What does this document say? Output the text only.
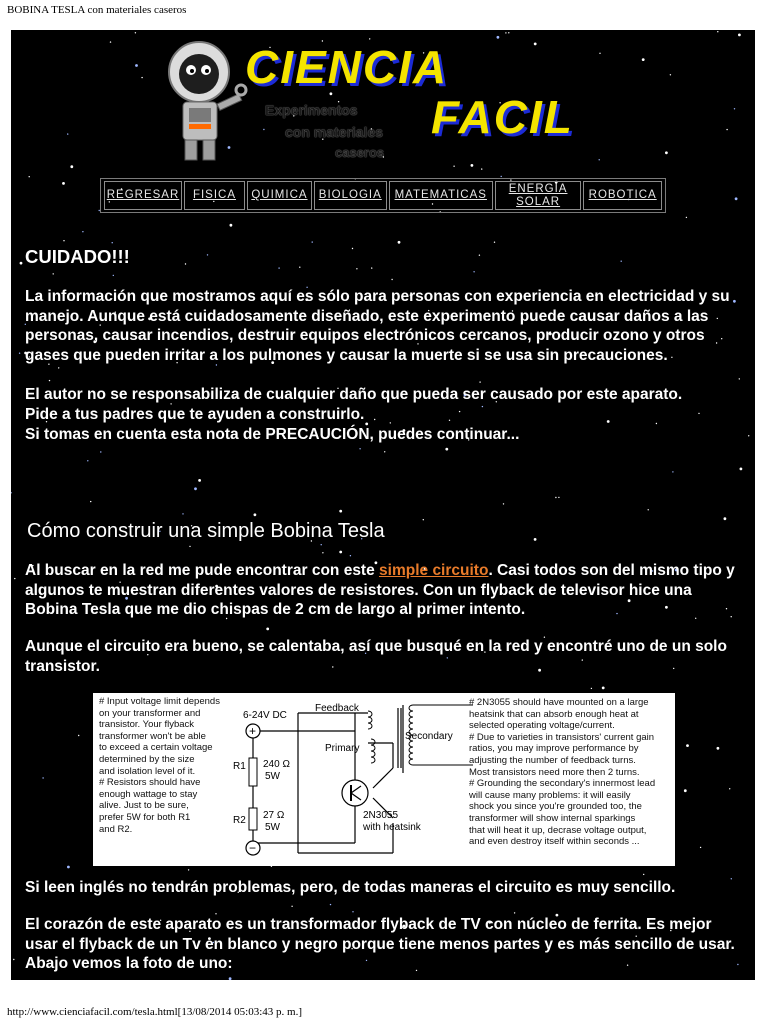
BOBINA TESLA con materiales caseros
CIENCIA
FACIL
Experimentos
con materiales
caseros
REGRESAR	FISICA	QUIMICA BIOLOGIA	MATEMATICAS
ENERGIA SOLAR
ROBOTICA
CUIDADO!!!

La información que mostramos aquí es sólo para personas con experiencia en electricidad y su manejo. Aunque está cuidadosamente diseñado, este experimento puede causar daños a las personas, causar incendios, destruir equipos electrónicos cercanos, producir ozono y otros gases que pueden irritar a los pulmones y causar la muerte si se usa sin precauciones.

El autor no se responsabiliza de cualquier daño que pueda ser causado por este aparato.

Pide a tus padres que te ayuden a construirlo.

Si tomas en cuenta esta nota de PRECAUCIÓN, puedes continuar...

Cómo construir una simple Bobina Tesla

Al buscar en la red me pude encontrar con este simple circuito. Casi todos son del mismo tipo y algunos te muestran diferentes valores de resistores. Con un flyback de televisor hice una Bobina Tesla que me dio chispas de 2 cm de largo al primer intento.

Aunque el circuito era bueno, se calentaba, así que busqué en la red y encontré uno de un solo transistor.

# Input voltage limit depends
on your transformer and
transistor. Your flyback
transformer won't be able
to exceed a certain voltage
determined by the size
and isolation level of it.
# Resistors should have
enough wattage to stay
alive. Just to be sure,
prefer 5W for both R1
and R2.
+
−
6-24V DC
Feedback
Primary
Secondary
R1 240 Ω
5W
R2 27 Ω
5W
2N3055
with heatsink
# 2N3055 should have mounted on a large
heatsink that can absorb enough heat at
selected operating voltage/current.
# Due to varieties in transistors' current gain
ratios, you may improve performance by
adjusting the number of feedback turns.
Most transistors need more then 2 turns.
# Grounding the secondary's innermost lead
will cause many problems: it will easily
shock you since you're grounded too, the
transformer will show internal sparkings
that will heat it up, decrase voltage output,
and even destroy itself within seconds ...

Si leen inglés no tendrán problemas, pero, de todas maneras el circuito es muy sencillo.

El corazón de este aparato es un transformador flyback de TV con núcleo de ferrita. Es mejor usar el flyback de un Tv en blanco y negro porque tiene menos partes y es más sencillo de usar. Abajo vemos la foto de uno:

http://www.cienciafacil.com/tesla.html[13/08/2014 05:03:43 p. m.]
